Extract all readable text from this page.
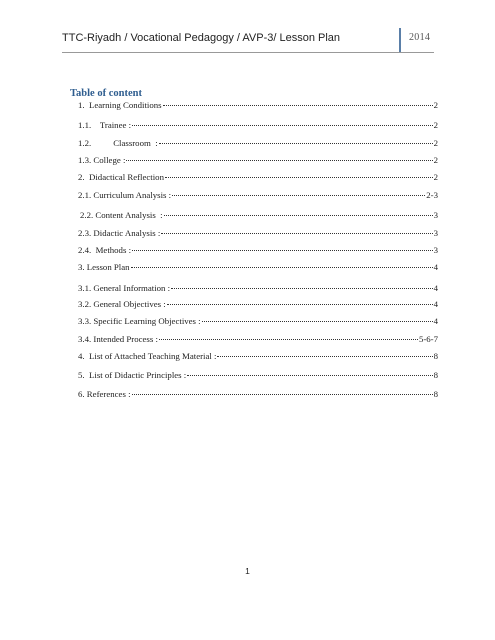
TTC-Riyadh / Vocational Pedagogy / AVP-3/ Lesson Plan	2014
Table of content
1.  Learning Conditions	2
1.1.    Trainee :	2
1.2.          Classroom  :	2
1.3. College :	2
2.  Didactical Reflection	2
2.1. Curriculum Analysis :	2-3
2.2. Content Analysis  :	3
2.3. Didactic Analysis :	3
2.4.  Methods :	3
3. Lesson Plan	4
3.1. General Information :	4
3.2. General Objectives :	4
3.3. Specific Learning Objectives :	4
3.4. Intended Process :	5-6-7
4.  List of Attached Teaching Material :	8
5.  List of Didactic Principles :	8
6. References :	8
1
